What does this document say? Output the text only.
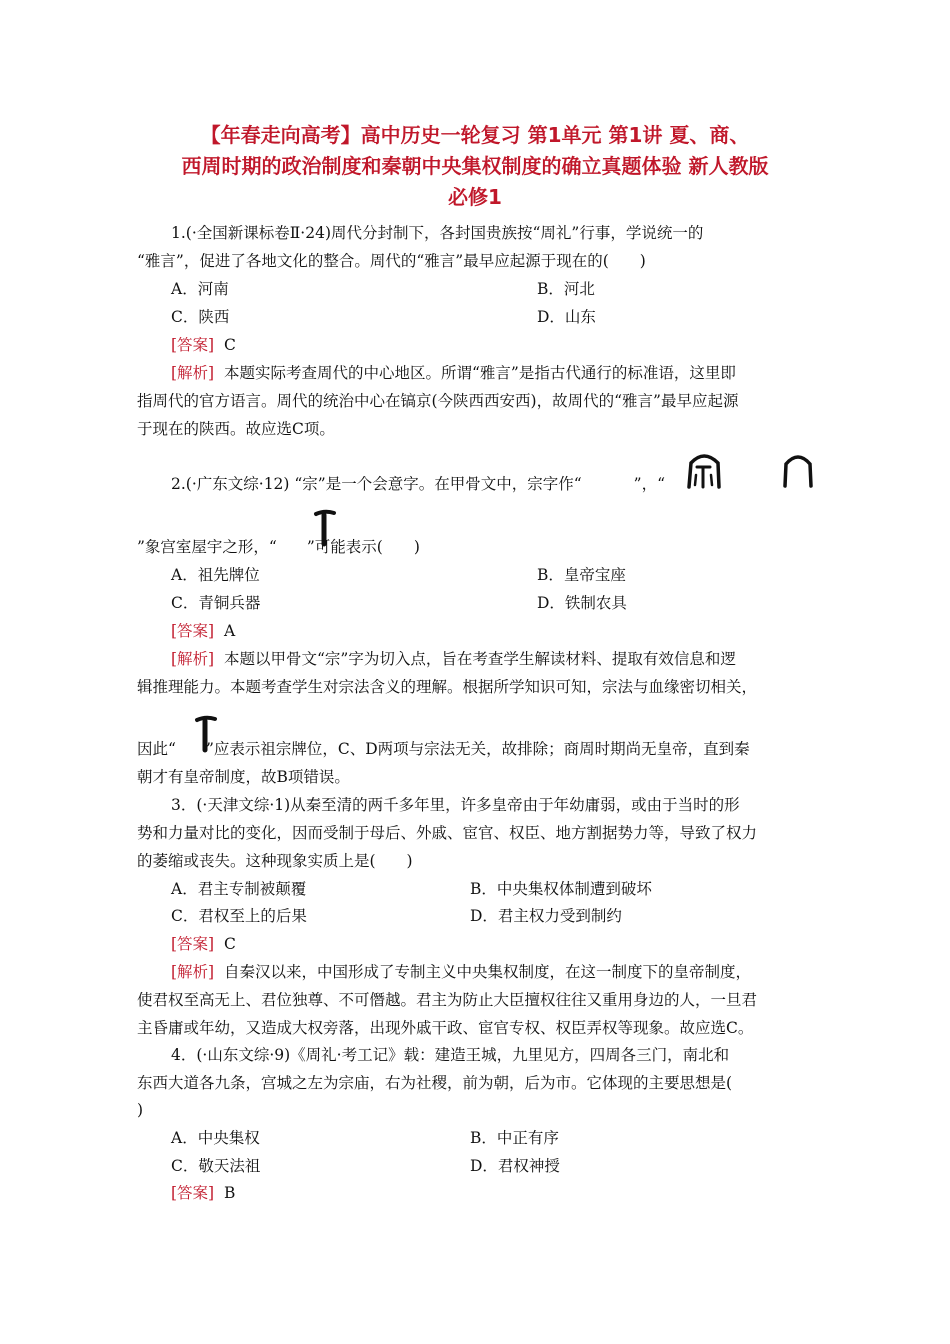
【年春走向高考】高中历史一轮复习 第1单元 第1讲 夏、商、
西周时期的政治制度和秦朝中央集权制度的确立真题体验 新人教版
必修1
1.(·全国新课标卷Ⅱ·24)周代分封制下，各封国贵族按“周礼”行事，学说统一的
“雅言”，促进了各地文化的整合。周代的“雅言”最早应起源于现在的(　　)
A．河南	B．河北
C．陕西	D．山东
[答案] C
[解析] 本题实际考查周代的中心地区。所谓“雅言”是指古代通行的标准语，这里即
指周代的官方语言。周代的统治中心在镐京(今陕西西安西)，故周代的“雅言”最早应起源
于现在的陕西。故应选C项。
2.(·广东文综·12) “宗”是一个会意字。在甲骨文中，宗字作“	”，“
”象宫室屋宇之形，“ ”可能表示(　　)
A．祖先牌位	B．皇帝宝座
C．青铜兵器	D．铁制农具
[答案] A
[解析] 本题以甲骨文“宗”字为切入点，旨在考查学生解读材料、提取有效信息和逻
辑推理能力。本题考查学生对宗法含义的理解。根据所学知识可知，宗法与血缘密切相关，
因此“ ”应表示祖宗牌位，C、D两项与宗法无关，故排除；商周时期尚无皇帝，直到秦
朝才有皇帝制度，故B项错误。
3．(·天津文综·1)从秦至清的两千多年里，许多皇帝由于年幼庸弱，或由于当时的形
势和力量对比的变化，因而受制于母后、外戚、宦官、权臣、地方割据势力等，导致了权力
的萎缩或丧失。这种现象实质上是(　　)
A．君主专制被颠覆	B．中央集权体制遭到破坏
C．君权至上的后果	D．君主权力受到制约
[答案] C
[解析] 自秦汉以来，中国形成了专制主义中央集权制度，在这一制度下的皇帝制度，
使君权至高无上、君位独尊、不可僭越。君主为防止大臣擅权往往又重用身边的人，一旦君
主昏庸或年幼，又造成大权旁落，出现外戚干政、宦官专权、权臣弄权等现象。故应选C。
4．(·山东文综·9)《周礼·考工记》载：建造王城，九里见方，四周各三门，南北和
东西大道各九条，宫城之左为宗庙，右为社稷，前为朝，后为市。它体现的主要思想是(
)
A．中央集权	B．中正有序
C．敬天法祖	D．君权神授
[答案] B
